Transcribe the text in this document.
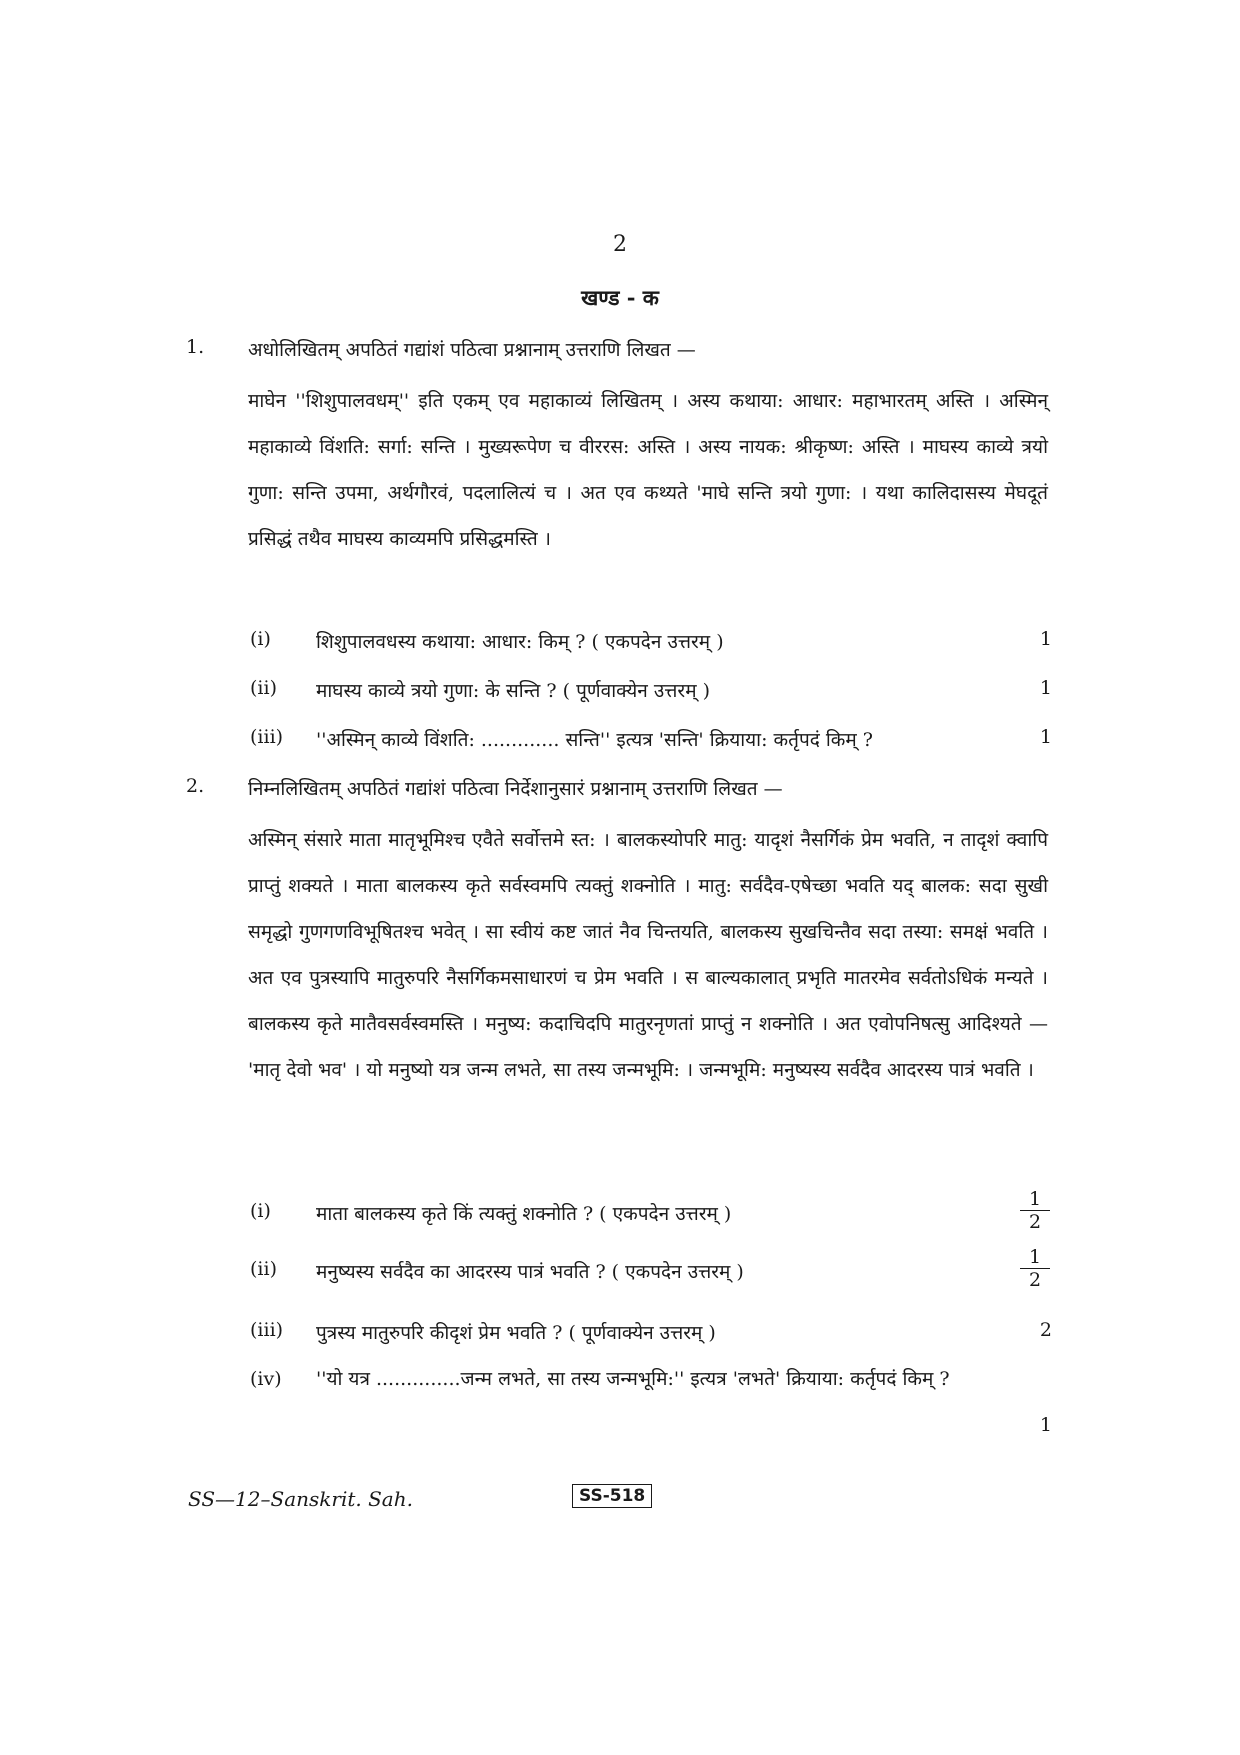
2
खण्ड - क
1. अधोलिखितम् अपठितं गद्यांशं पठित्वा प्रश्नानाम् उत्तराणि लिखत —
माघेन ''शिशुपालवधम्'' इति एकम् एव महाकाव्यं लिखितम् । अस्य कथाया: आधार: महाभारतम् अस्ति । अस्मिन् महाकाव्ये विंशति: सर्गा: सन्ति । मुख्यरूपेण च वीररस: अस्ति । अस्य नायक: श्रीकृष्ण: अस्ति । माघस्य काव्ये त्रयो गुणा: सन्ति उपमा, अर्थगौरवं, पदलालित्यं च । अत एव कथ्यते 'माघे सन्ति त्रयो गुणा: । यथा कालिदासस्य मेघदूतं प्रसिद्धं तथैव माघस्य काव्यमपि प्रसिद्धमस्ति ।
(i)	शिशुपालवधस्य कथाया: आधार: किम् ? ( एकपदेन उत्तरम् )	1
(ii)	माघस्य काव्ये त्रयो गुणा: के सन्ति ? ( पूर्णवाक्येन उत्तरम् )	1
(iii)	''अस्मिन् काव्ये विंशति: ............. सन्ति'' इत्यत्र 'सन्ति' क्रियाया: कर्तृपदं किम् ?	1
2. निम्नलिखितम् अपठितं गद्यांशं पठित्वा निर्देशानुसारं प्रश्नानाम् उत्तराणि लिखत —
अस्मिन् संसारे माता मातृभूमिश्च एवैते सर्वोत्तमे स्त: । बालकस्योपरि मातु: यादृशं नैसर्गिकं प्रेम भवति, न तादृशं क्वापि प्राप्तुं शक्यते । माता बालकस्य कृते सर्वस्वमपि त्यक्तुं शक्नोति । मातु: सर्वदैव-एषेच्छा भवति यद् बालक: सदा सुखी समृद्धो गुणगणविभूषितश्च भवेत् । सा स्वीयं कष्ट जातं नैव चिन्तयति, बालकस्य सुखचिन्तैव सदा तस्या: समक्षं भवति । अत एव पुत्रस्यापि मातुरुपरि नैसर्गिकमसाधारणं च प्रेम भवति । स बाल्यकालात् प्रभृति मातरमेव सर्वतोऽधिकं मन्यते । बालकस्य कृते मातैवसर्वस्वमस्ति । मनुष्य: कदाचिदपि मातुरनृणतां प्राप्तुं न शक्नोति । अत एवोपनिषत्सु आदिश्यते — 'मातृ देवो भव' । यो मनुष्यो यत्र जन्म लभते, सा तस्य जन्मभूमि: । जन्मभूमि: मनुष्यस्य सर्वदैव आदरस्य पात्रं भवति ।
(i)	माता बालकस्य कृते किं त्यक्तुं शक्नोति ? ( एकपदेन उत्तरम् )	$\frac{1}{2}$
(ii)	मनुष्यस्य सर्वदैव का आदरस्य पात्रं भवति ? ( एकपदेन उत्तरम् )	$\frac{1}{2}$
(iii)	पुत्रस्य मातुरुपरि कीदृशं प्रेम भवति ? ( पूर्णवाक्येन उत्तरम् )	2
(iv)	''यो यत्र ..............जन्म लभते, सा तस्य जन्मभूमि:'' इत्यत्र 'लभते' क्रियाया: कर्तृपदं किम् ?
1
SS—12–Sanskrit. Sah.	SS-518
